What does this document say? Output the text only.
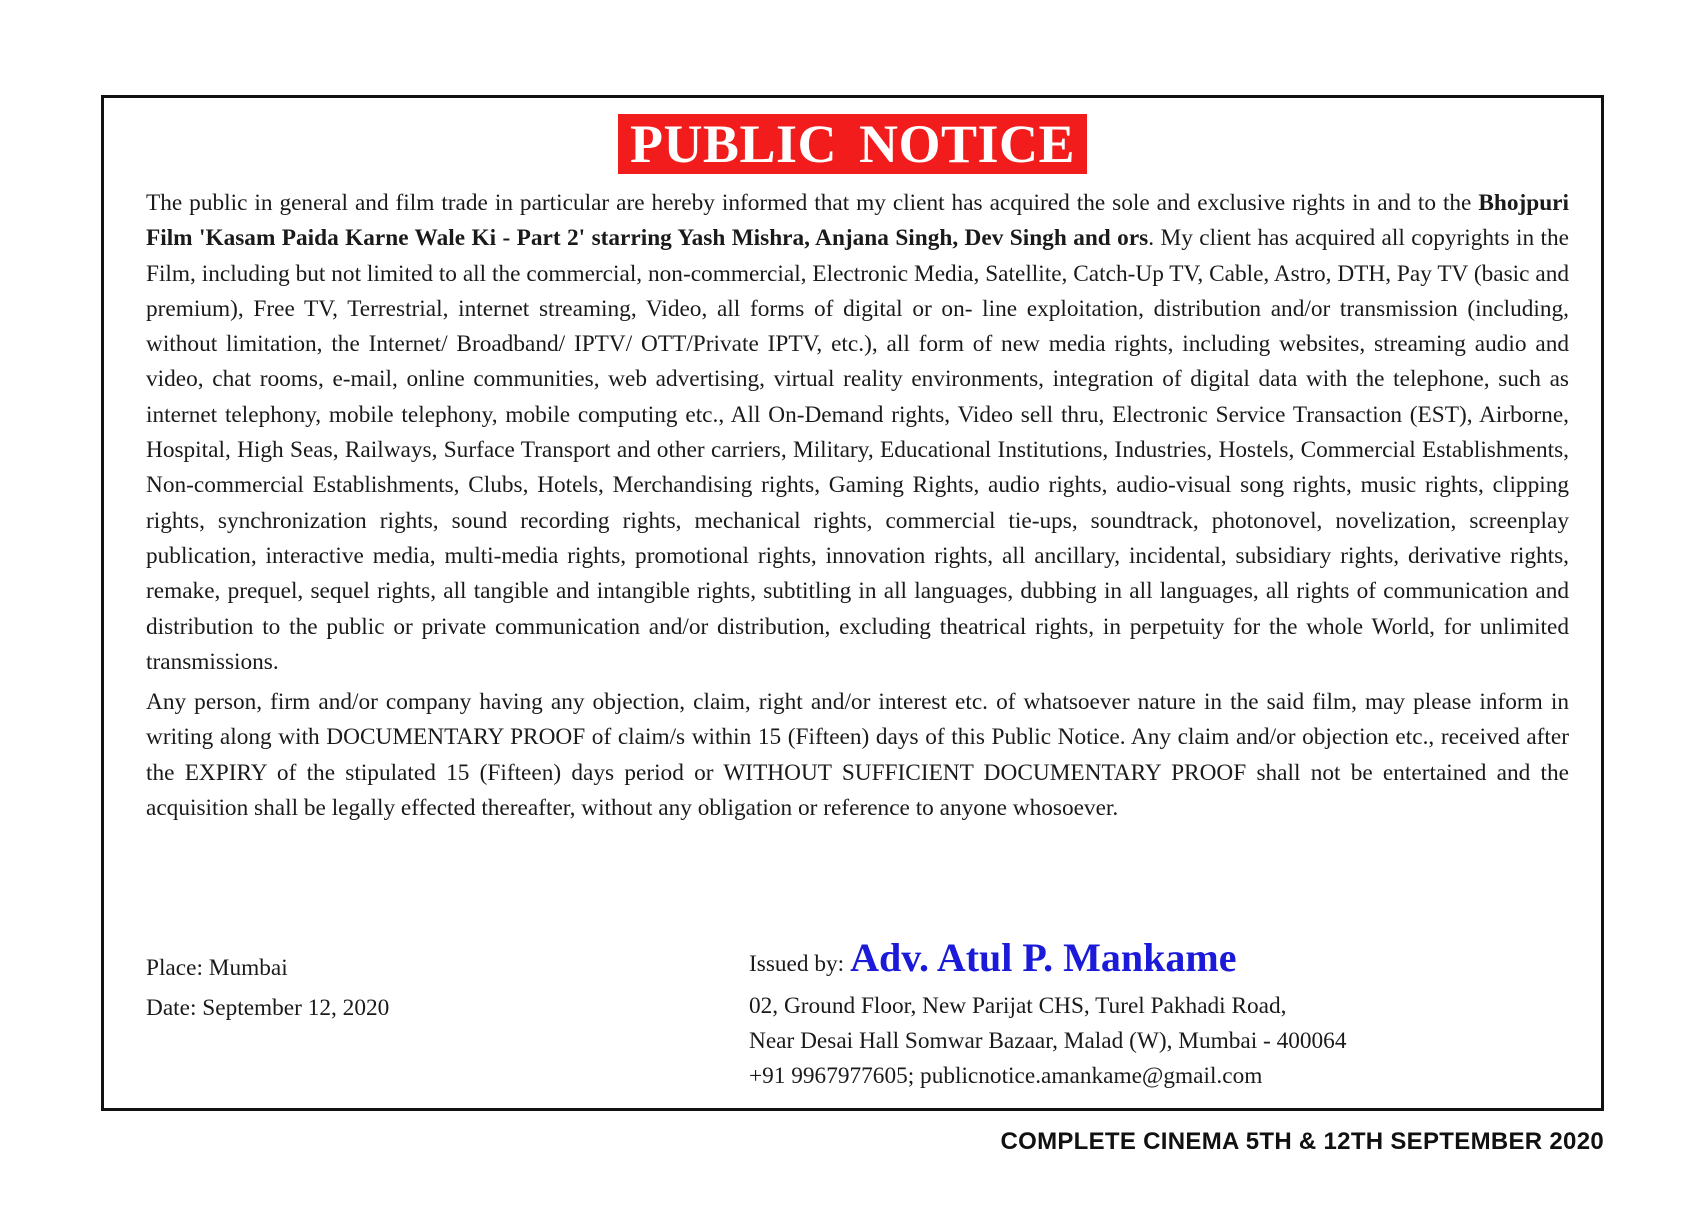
PUBLIC NOTICE

The public in general and film trade in particular are hereby informed that my client has acquired the sole and exclusive rights in and to the Bhojpuri Film 'Kasam Paida Karne Wale Ki - Part 2' starring Yash Mishra, Anjana Singh, Dev Singh and ors. My client has acquired all copyrights in the Film, including but not limited to all the commercial, non-commercial, Electronic Media, Satellite, Catch-Up TV, Cable, Astro, DTH, Pay TV (basic and premium), Free TV, Terrestrial, internet streaming, Video, all forms of digital or on- line exploitation, distribution and/or transmission (including, without limitation, the Internet/ Broadband/ IPTV/ OTT/Private IPTV, etc.), all form of new media rights, including websites, streaming audio and video, chat rooms, e-mail, online communities, web advertising, virtual reality environments, integration of digital data with the telephone, such as internet telephony, mobile telephony, mobile computing etc., All On-Demand rights, Video sell thru, Electronic Service Transaction (EST), Airborne, Hospital, High Seas, Railways, Surface Transport and other carriers, Military, Educational Institutions, Industries, Hostels, Commercial Establishments, Non-commercial Establishments, Clubs, Hotels, Merchandising rights, Gaming Rights, audio rights, audio-visual song rights, music rights, clipping rights, synchronization rights, sound recording rights, mechanical rights, commercial tie-ups, soundtrack, photonovel, novelization, screenplay publication, interactive media, multi-media rights, promotional rights, innovation rights, all ancillary, incidental, subsidiary rights, derivative rights, remake, prequel, sequel rights, all tangible and intangible rights, subtitling in all languages, dubbing in all languages, all rights of communication and distribution to the public or private communication and/or distribution, excluding theatrical rights, in perpetuity for the whole World, for unlimited transmissions.

Any person, firm and/or company having any objection, claim, right and/or interest etc. of whatsoever nature in the said film, may please inform in writing along with DOCUMENTARY PROOF of claim/s within 15 (Fifteen) days of this Public Notice. Any claim and/or objection etc., received after the EXPIRY of the stipulated 15 (Fifteen) days period or WITHOUT SUFFICIENT DOCUMENTARY PROOF shall not be entertained and the acquisition shall be legally effected thereafter, without any obligation or reference to anyone whosoever.

Place: Mumbai
Date: September 12, 2020
Issued by: Adv. Atul P. Mankame
02, Ground Floor, New Parijat CHS, Turel Pakhadi Road,
Near Desai Hall Somwar Bazaar, Malad (W), Mumbai - 400064
+91 9967977605; publicnotice.amankame@gmail.com
COMPLETE CINEMA 5TH & 12TH SEPTEMBER 2020
